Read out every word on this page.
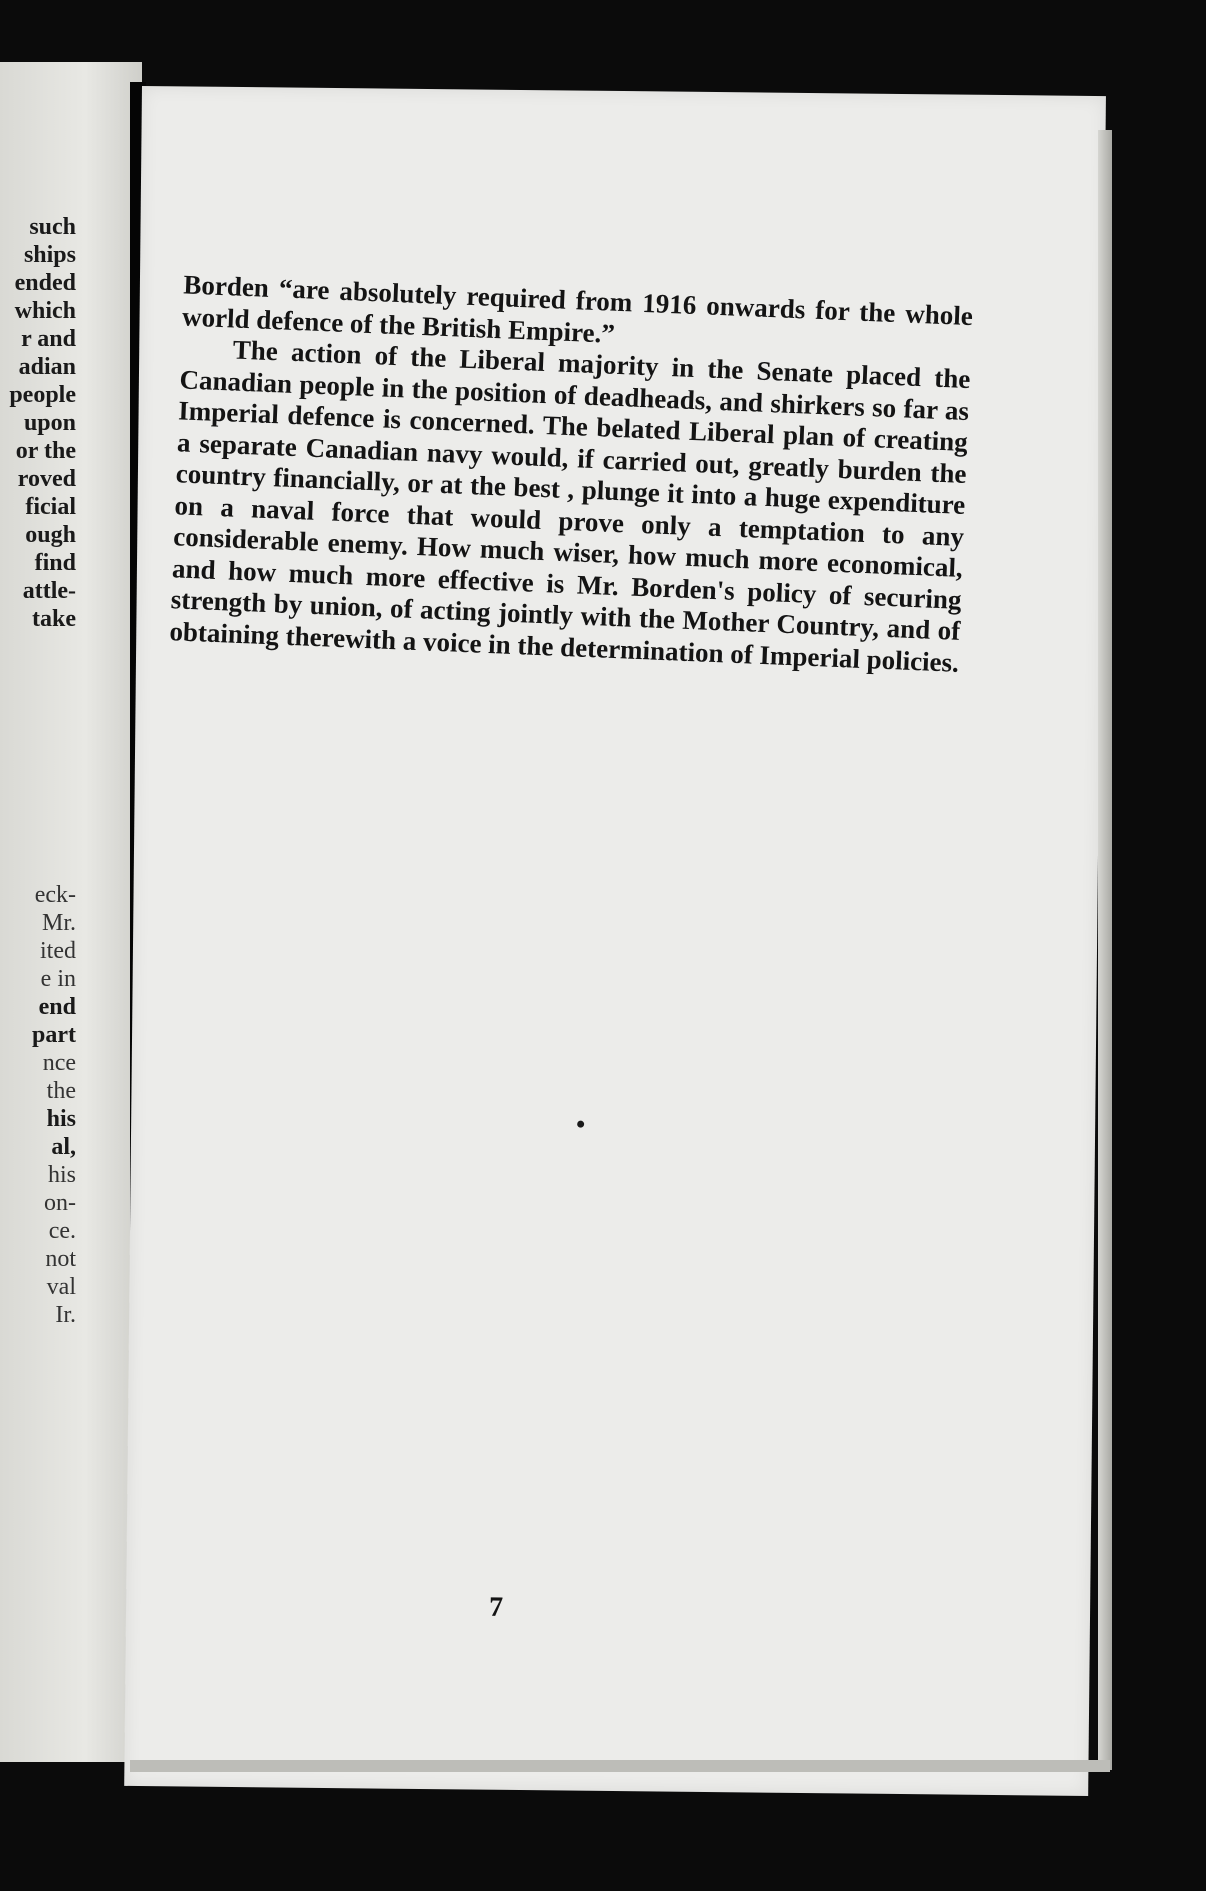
such
ships
ended
which
r and
adian
people
upon
or the
roved
ficial
ough
find
attle-
take
eck-
Mr.
ited
e in
end
part
nce
the
his
al,
his
on-
ce.
not
val
Ir.

Borden “are absolutely required from 1916 onwards for the whole world defence of the British Empire.”

The action of the Liberal majority in the Senate placed the Canadian people in the position of deadheads, and shirkers so far as Imperial defence is concerned. The belated Liberal plan of creating a separate Canadian navy would, if carried out, greatly burden the country financially, or at the best , plunge it into a huge expenditure on a naval force that would prove only a temptation to any considerable enemy. How much wiser, how much more economical, and how much more effective is Mr. Borden's policy of securing strength by union, of acting jointly with the Mother Country, and of obtaining therewith a voice in the determination of Imperial policies.

7
